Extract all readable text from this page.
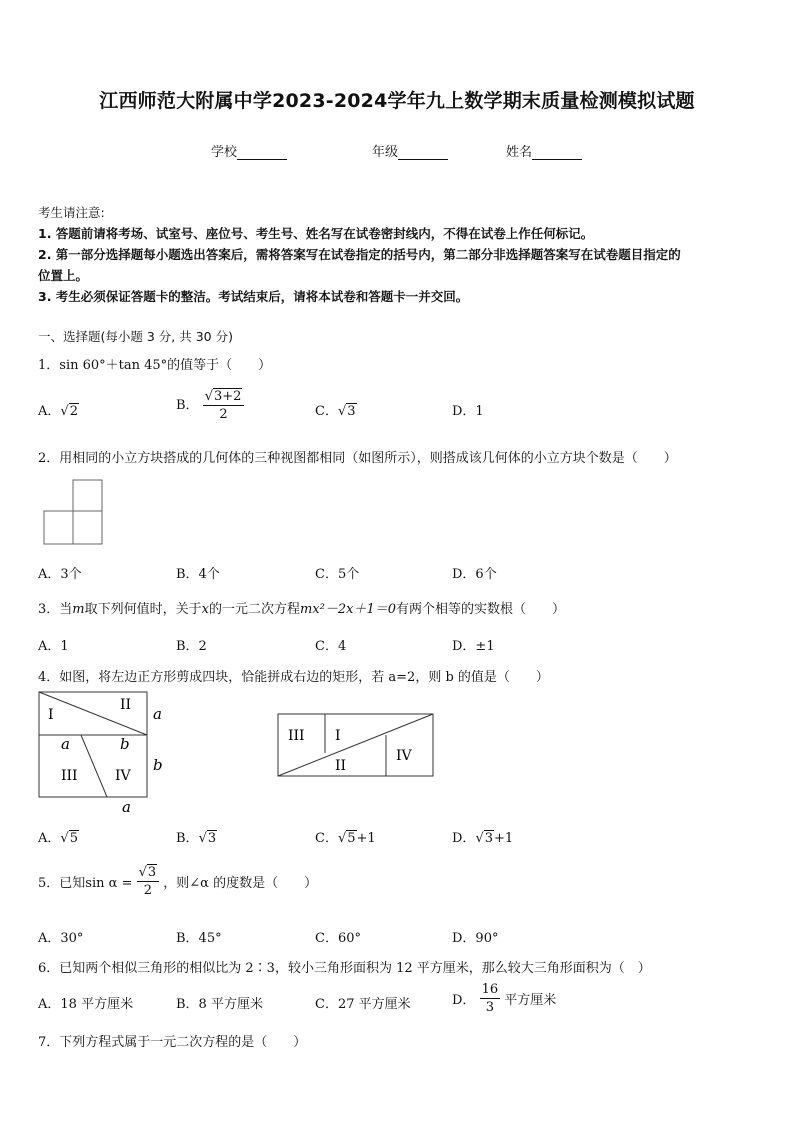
江西师范大附属中学2023-2024学年九上数学期末质量检测模拟试题
学校	年级	姓名
考生请注意:
1. 答题前请将考场、试室号、座位号、考生号、姓名写在试卷密封线内，不得在试卷上作任何标记。
2. 第一部分选择题每小题选出答案后，需将答案写在试卷指定的括号内，第二部分非选择题答案写在试卷题目指定的
位置上。
3. 考生必须保证答题卡的整洁。考试结束后，请将本试卷和答题卡一并交回。
一、选择题(每小题 3 分, 共 30 分)
1．sin 60°＋tan 45°的值等于（　　）
A．√2	B． $\frac{√3+2}{2}$	C．√3	D．1
2．用相同的小立方块搭成的几何体的三种视图都相同（如图所示），则搭成该几何体的小立方块个数是（　　）
A．3个	B．4个	C．5个	D．6个
3．当m取下列何值时，关于x的一元二次方程mx²－2x＋1＝0有两个相等的实数根（　　）
A．1	B．2	C．4	D．±1
4．如图，将左边正方形剪成四块，恰能拼成右边的矩形，若 a=2，则 b 的值是（　　）
I
II
III	IV
a	b
a
b
a
III I
II
IV
A．√5	B．√3	C．√5+1	D．√3+1
5．已知$\sin \alpha = \frac{√3}{2}$ ，则∠α 的度数是（　　）
A．30°	B．45°	C．60°	D．90°
6．已知两个相似三角形的相似比为 2∶3，较小三角形面积为 12 平方厘米，那么较大三角形面积为（　）
A．18 平方厘米	B．8 平方厘米	C．27 平方厘米	D． $\frac{16}{3}$ 平方厘米
7．下列方程式属于一元二次方程的是（　　）
